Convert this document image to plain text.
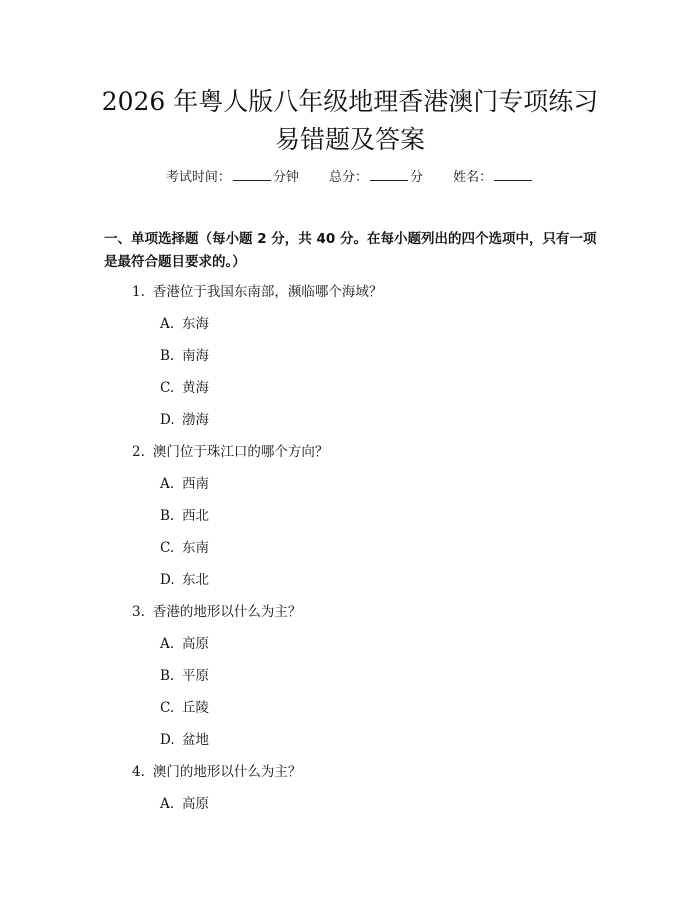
2026 年粤人版八年级地理香港澳门专项练习
易错题及答案
考试时间：	分钟 总分：	分 姓名：

一、单项选择题（每小题 2 分，共 40 分。在每小题列出的四个选项中，只有一项是最符合题目要求的。）

1. 香港位于我国东南部，濒临哪个海域？
A. 东海
B. 南海
C. 黄海
D. 渤海
2. 澳门位于珠江口的哪个方向？
A. 西南
B. 西北
C. 东南
D. 东北
3. 香港的地形以什么为主？
A. 高原
B. 平原
C. 丘陵
D. 盆地
4. 澳门的地形以什么为主？
A. 高原
